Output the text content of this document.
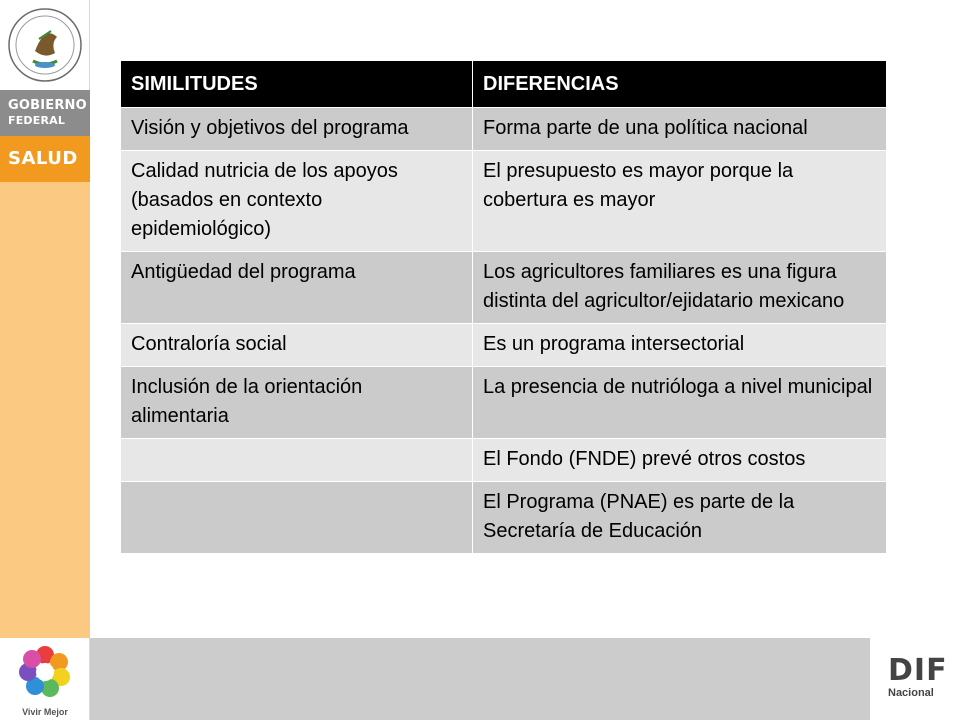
GOBIERNO
FEDERAL
SALUD
Vivir Mejor
DIF
Nacional
SIMILITUDES	DIFERENCIAS
Visión y objetivos del programa	Forma parte de una política nacional
Calidad nutricia de los apoyos (basados en contexto epidemiológico)	El presupuesto es mayor porque la cobertura es mayor
Antigüedad del programa	Los agricultores familiares es una figura distinta del agricultor/ejidatario mexicano
Contraloría social	Es un programa intersectorial
Inclusión de la orientación alimentaria	La presencia de nutrióloga a nivel municipal
	El Fondo (FNDE) prevé otros costos
	El Programa (PNAE) es parte de la Secretaría de Educación
